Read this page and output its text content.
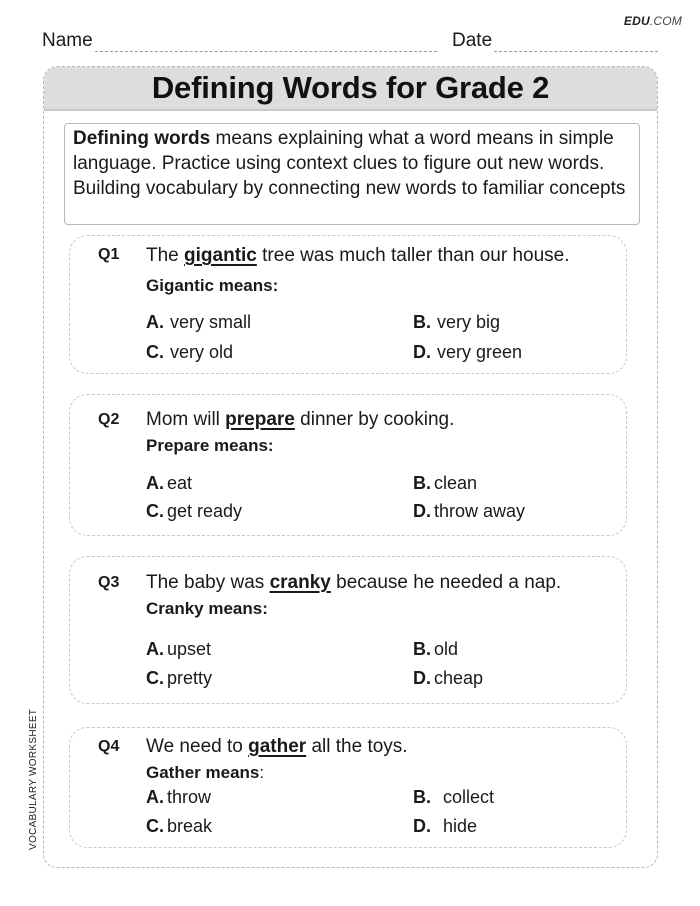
EDU.COM
Name	Date
Defining Words for Grade 2
Defining words means explaining what a word means in simple language. Practice using context clues to figure out new words. Building vocabulary by connecting new words to familiar concepts
Q1 The gigantic tree was much taller than our house.
Gigantic means:
A. very small	B. very big
C. very old	D. very green
Q2 Mom will prepare dinner by cooking.
Prepare means:
A. eat	B. clean
C. get ready	D. throw away
Q3 The baby was cranky because he needed a nap.
Cranky means:
A. upset	B. old
C. pretty	D. cheap
Q4 We need to gather all the toys.
Gather means:
A. throw	B. collect
C. break	D. hide
VOCABULARY WORKSHEET
